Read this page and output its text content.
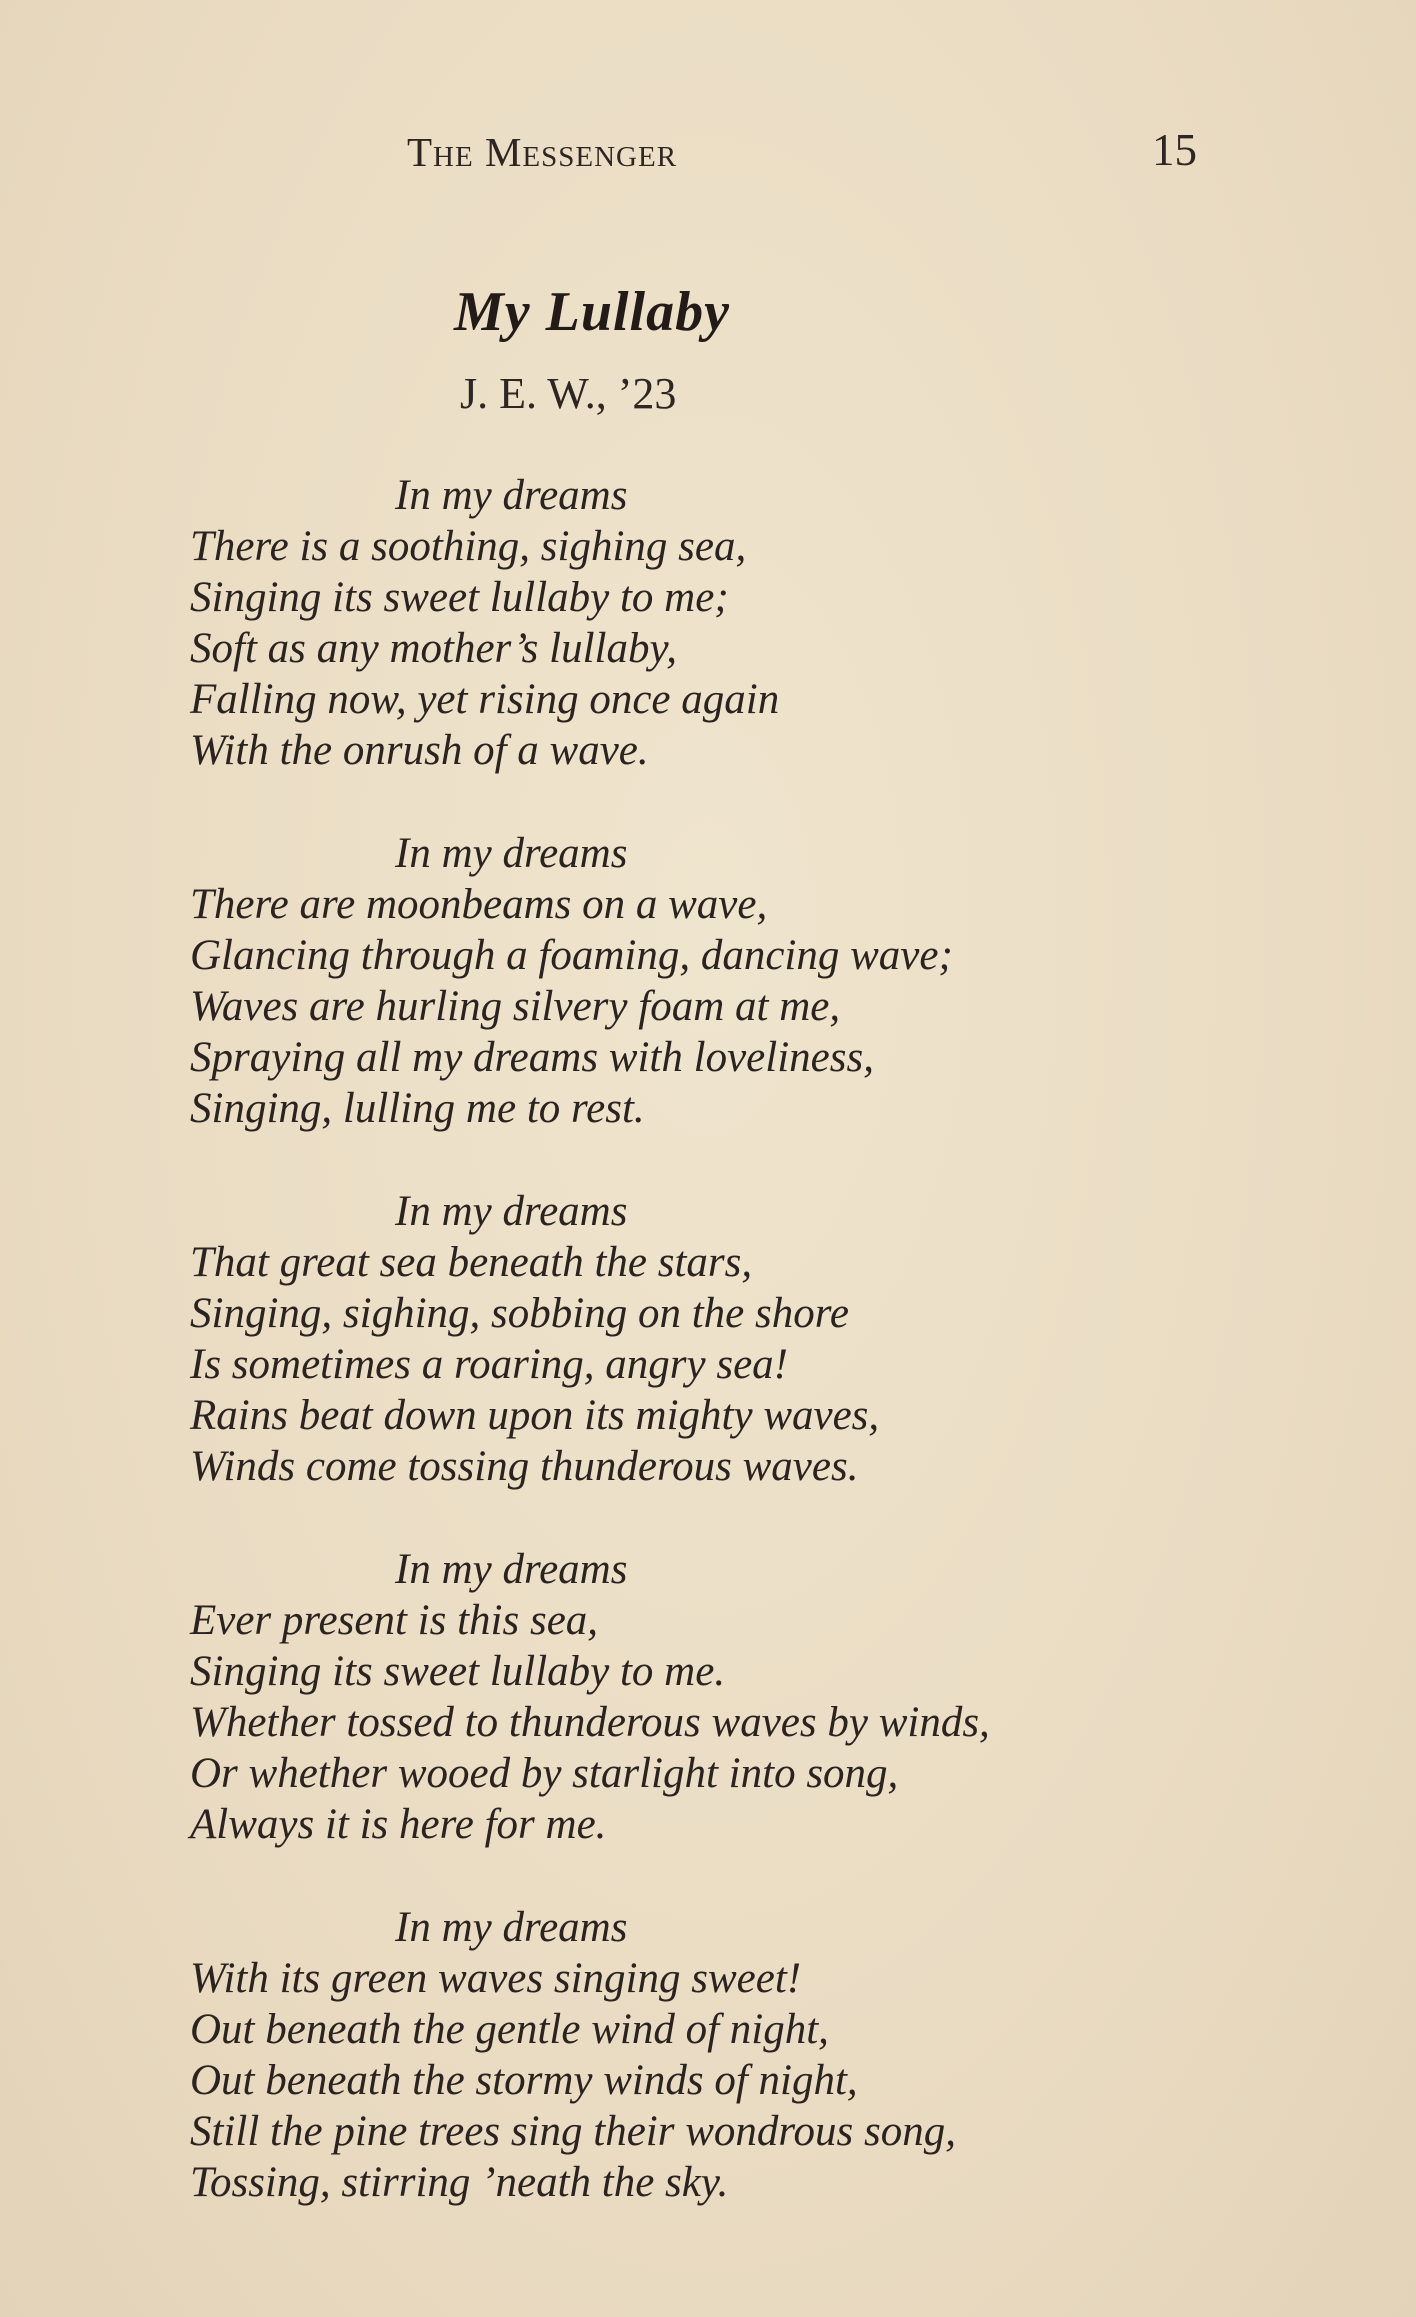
The Messenger	15
My Lullaby
J. E. W., ’23
In my dreams
There is a soothing, sighing sea,
Singing its sweet lullaby to me;
Soft as any mother’s lullaby,
Falling now, yet rising once again
With the onrush of a wave.
In my dreams
There are moonbeams on a wave,
Glancing through a foaming, dancing wave;
Waves are hurling silvery foam at me,
Spraying all my dreams with loveliness,
Singing, lulling me to rest.
In my dreams
That great sea beneath the stars,
Singing, sighing, sobbing on the shore
Is sometimes a roaring, angry sea!
Rains beat down upon its mighty waves,
Winds come tossing thunderous waves.
In my dreams
Ever present is this sea,
Singing its sweet lullaby to me.
Whether tossed to thunderous waves by winds,
Or whether wooed by starlight into song,
Always it is here for me.
In my dreams
With its green waves singing sweet!
Out beneath the gentle wind of night,
Out beneath the stormy winds of night,
Still the pine trees sing their wondrous song,
Tossing, stirring ’neath the sky.
